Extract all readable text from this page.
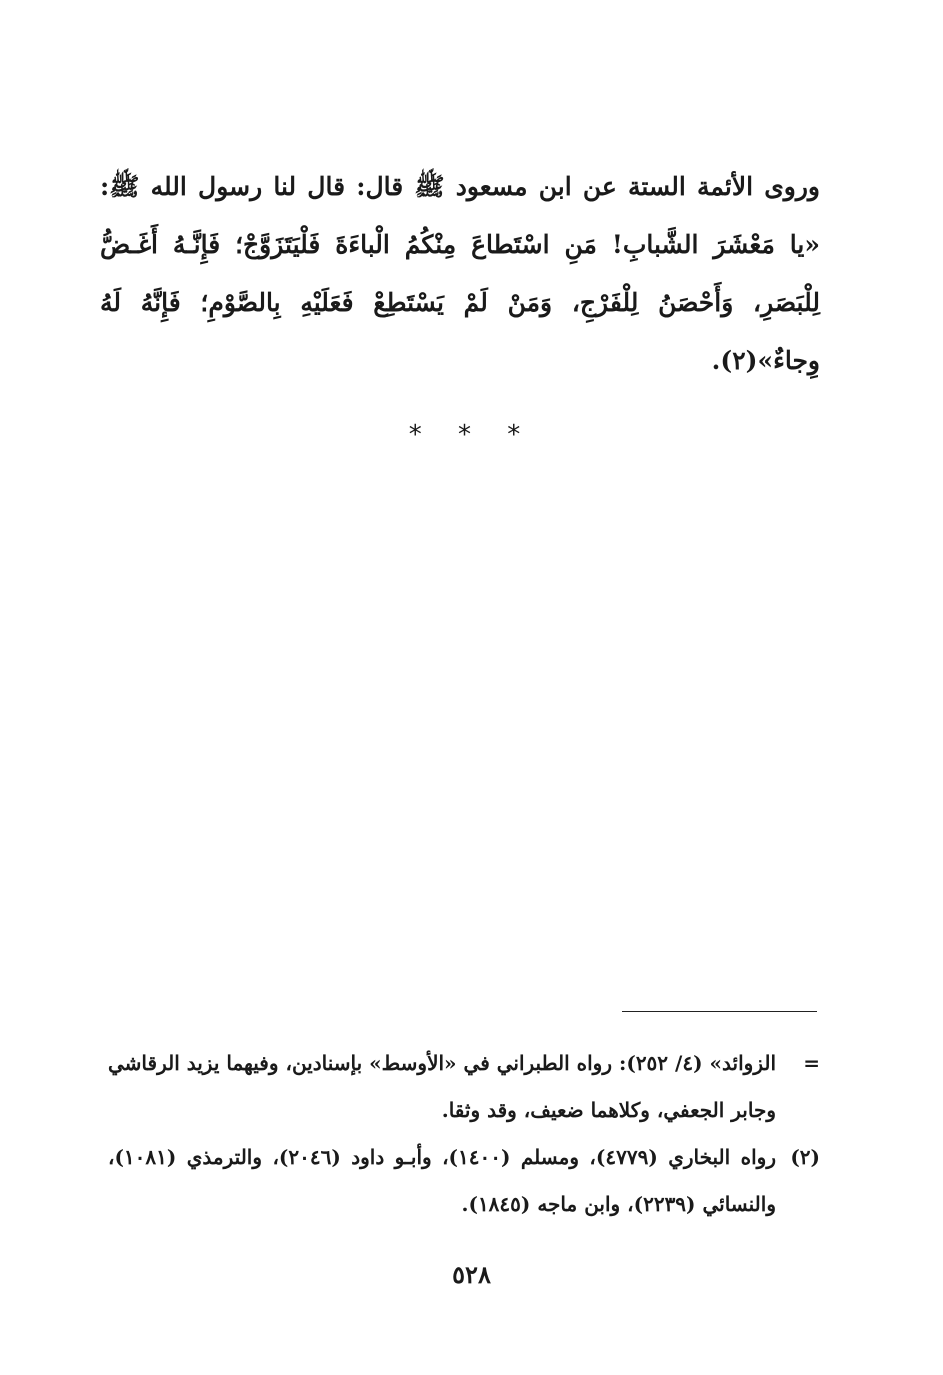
وروى الأئمة الستة عن ابن مسعود ﷺ قال: قال لنا رسول الله ﷺ: «يا مَعْشَرَ الشَّبابِ! مَنِ اسْتَطاعَ مِنْكُمُ الْباءَةَ فَلْيَتَزَوَّجْ؛ فَإِنَّـهُ أَغَـضُّ لِلْبَصَرِ، وَأَحْصَنُ لِلْفَرْجِ، وَمَنْ لَمْ يَسْتَطِعْ فَعَلَيْهِ بِالصَّوْمِ؛ فَإِنَّهُ لَهُ وِجاءٌ»(٢).

* * *
=
الزوائد» (٤/ ٢٥٢): رواه الطبراني في «الأوسط» بإسنادين، وفيهما يزيد الرقاشي وجابر الجعفي، وكلاهما ضعيف، وقد وثقا.
(٢)
رواه البخاري (٤٧٧٩)، ومسلم (١٤٠٠)، وأبـو داود (٢٠٤٦)، والترمذي (١٠٨١)، والنسائي (٢٢٣٩)، وابن ماجه (١٨٤٥).
٥٢٨
